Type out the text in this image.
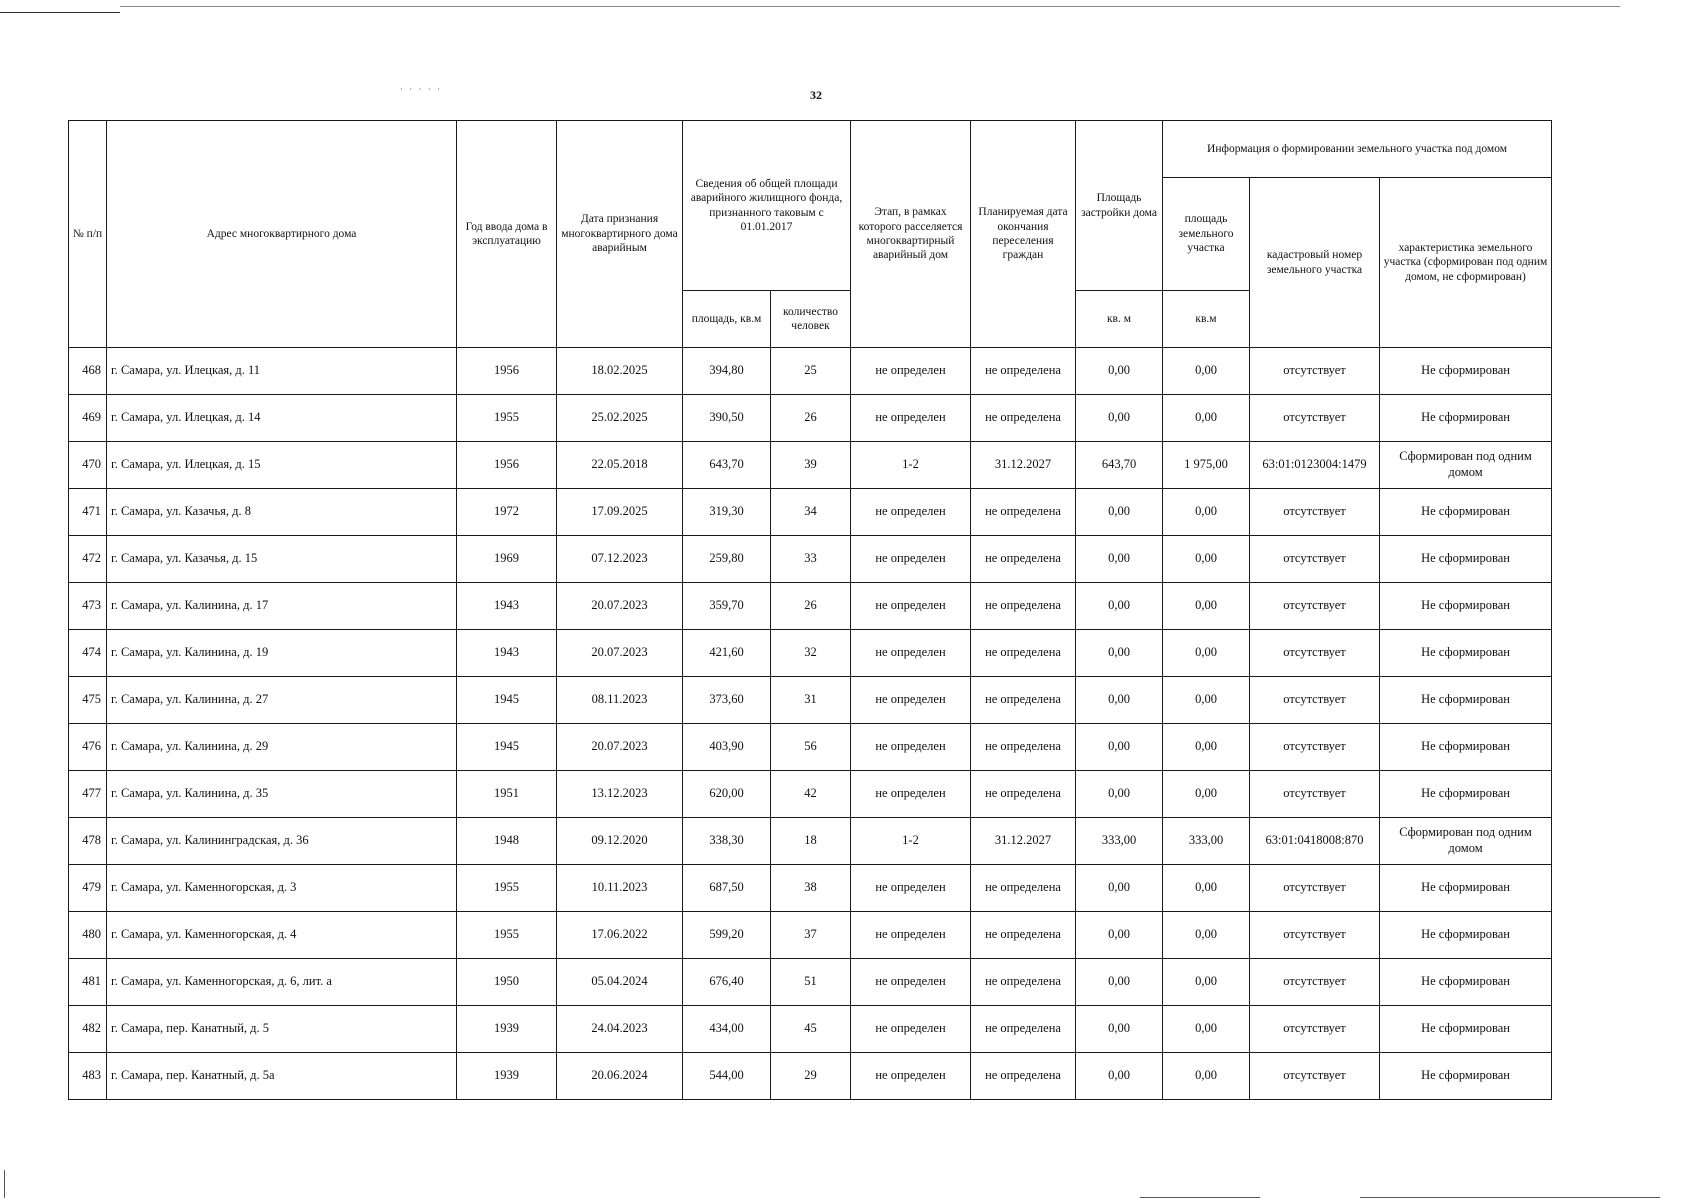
· · · · ·	32
№ п/п	Адрес многоквартирного дома	Год ввода дома в эксплуатацию	Дата признания многоквартирного дома аварийным	Сведения об общей площади аварийного жилищного фонда, признанного таковым с 01.01.2017		Этап, в рамках которого расселяется многоквартирный аварийный дом	Планируемая дата окончания переселения граждан	Площадь застройки дома	Информация о формировании земельного участка под домом		
									площадь земельного участка	кадастровый номер земельного участка	характеристика земельного участка (сформирован под одним домом, не сформирован)
				площадь, кв.м	количество человек			кв. м	кв.м		
468	г. Самара, ул. Илецкая, д. 11	1956	18.02.2025	394,80	25	не определен	не определена	0,00	0,00	отсутствует	Не сформирован
469	г. Самара, ул. Илецкая, д. 14	1955	25.02.2025	390,50	26	не определен	не определена	0,00	0,00	отсутствует	Не сформирован
470	г. Самара, ул. Илецкая, д. 15	1956	22.05.2018	643,70	39	1-2	31.12.2027	643,70	1 975,00	63:01:0123004:1479	Сформирован под одним домом
471	г. Самара, ул. Казачья, д. 8	1972	17.09.2025	319,30	34	не определен	не определена	0,00	0,00	отсутствует	Не сформирован
472	г. Самара, ул. Казачья, д. 15	1969	07.12.2023	259,80	33	не определен	не определена	0,00	0,00	отсутствует	Не сформирован
473	г. Самара, ул. Калинина, д. 17	1943	20.07.2023	359,70	26	не определен	не определена	0,00	0,00	отсутствует	Не сформирован
474	г. Самара, ул. Калинина, д. 19	1943	20.07.2023	421,60	32	не определен	не определена	0,00	0,00	отсутствует	Не сформирован
475	г. Самара, ул. Калинина, д. 27	1945	08.11.2023	373,60	31	не определен	не определена	0,00	0,00	отсутствует	Не сформирован
476	г. Самара, ул. Калинина, д. 29	1945	20.07.2023	403,90	56	не определен	не определена	0,00	0,00	отсутствует	Не сформирован
477	г. Самара, ул. Калинина, д. 35	1951	13.12.2023	620,00	42	не определен	не определена	0,00	0,00	отсутствует	Не сформирован
478	г. Самара, ул. Калининградская, д. 36	1948	09.12.2020	338,30	18	1-2	31.12.2027	333,00	333,00	63:01:0418008:870	Сформирован под одним домом
479	г. Самара, ул. Каменногорская, д. 3	1955	10.11.2023	687,50	38	не определен	не определена	0,00	0,00	отсутствует	Не сформирован
480	г. Самара, ул. Каменногорская, д. 4	1955	17.06.2022	599,20	37	не определен	не определена	0,00	0,00	отсутствует	Не сформирован
481	г. Самара, ул. Каменногорская, д. 6, лит. а	1950	05.04.2024	676,40	51	не определен	не определена	0,00	0,00	отсутствует	Не сформирован
482	г. Самара, пер. Канатный, д. 5	1939	24.04.2023	434,00	45	не определен	не определена	0,00	0,00	отсутствует	Не сформирован
483	г. Самара, пер. Канатный, д. 5а	1939	20.06.2024	544,00	29	не определен	не определена	0,00	0,00	отсутствует	Не сформирован
